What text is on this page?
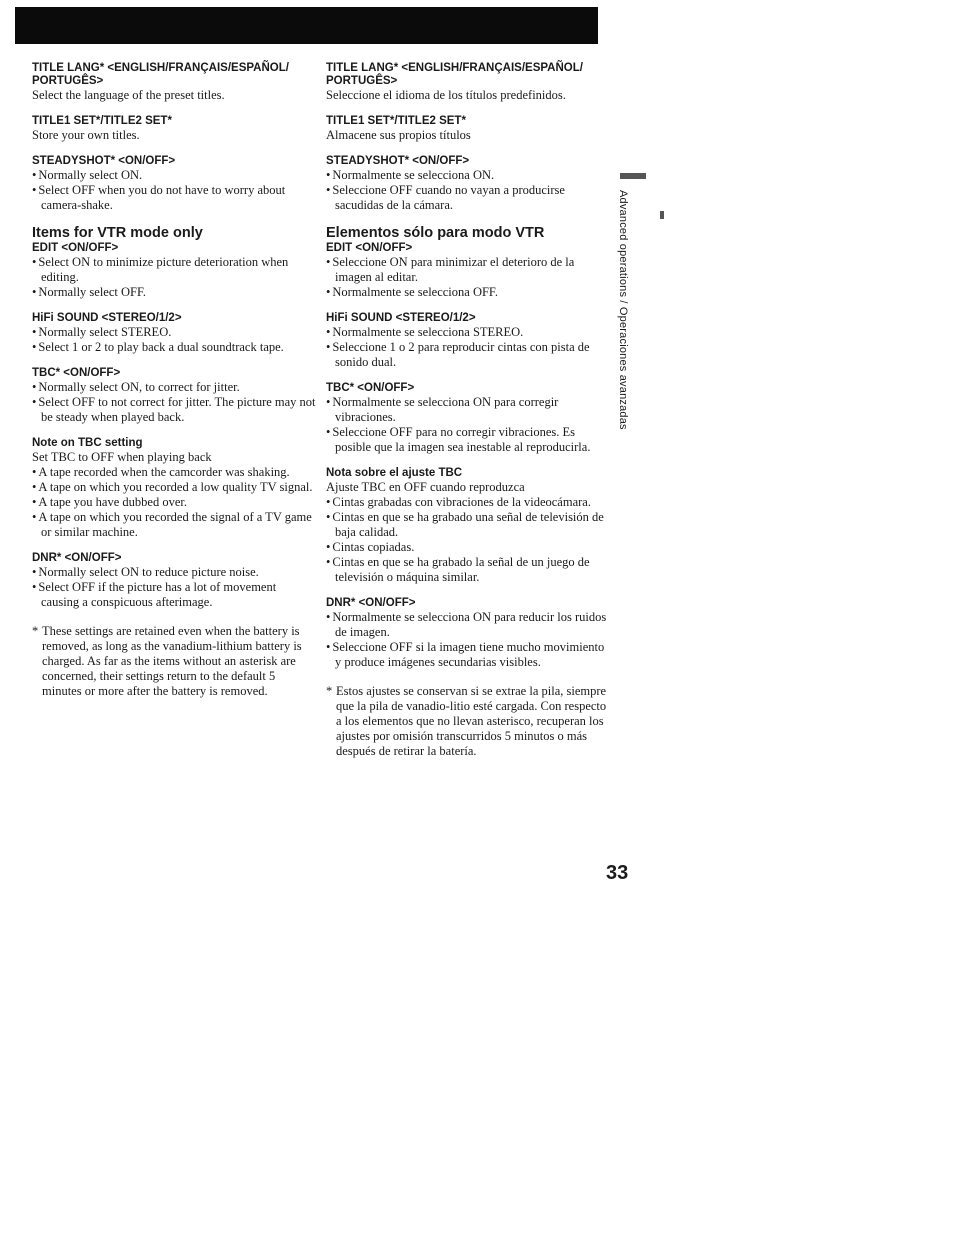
TITLE LANG* <ENGLISH/FRANÇAIS/ESPAÑOL/ PORTUGÊS>

Select the language of the preset titles.

TITLE1 SET*/TITLE2 SET*

Store your own titles.

STEADYSHOT* <ON/OFF>
• Normally select ON.
• Select OFF when you do not have to worry about camera-shake.
Items for VTR mode only
EDIT <ON/OFF>
• Select ON to minimize picture deterioration when editing.
• Normally select OFF.
HiFi SOUND <STEREO/1/2>
• Normally select STEREO.
• Select 1 or 2 to play back a dual soundtrack tape.
TBC* <ON/OFF>
• Normally select ON, to correct for jitter.
• Select OFF to not correct for jitter. The picture may not be steady when played back.
Note on TBC setting

Set TBC to OFF when playing back

• A tape recorded when the camcorder was shaking.
• A tape on which you recorded a low quality TV signal.
• A tape you have dubbed over.
• A tape on which you recorded the signal of a TV game or similar machine.
DNR* <ON/OFF>
• Normally select ON to reduce picture noise.
• Select OFF if the picture has a lot of movement causing a conspicuous afterimage.
* These settings are retained even when the battery is removed, as long as the vanadium-lithium battery is charged. As far as the items without an asterisk are concerned, their settings return to the default 5 minutes or more after the battery is removed.
TITLE LANG* <ENGLISH/FRANÇAIS/ESPAÑOL/ PORTUGÊS>

Seleccione el idioma de los títulos predefinidos.

TITLE1 SET*/TITLE2 SET*

Almacene sus propios títulos

STEADYSHOT* <ON/OFF>
• Normalmente se selecciona ON.
• Seleccione OFF cuando no vayan a producirse sacudidas de la cámara.
Elementos sólo para modo VTR
EDIT <ON/OFF>
• Seleccione ON para minimizar el deterioro de la imagen al editar.
• Normalmente se selecciona OFF.
HiFi SOUND <STEREO/1/2>
• Normalmente se selecciona STEREO.
• Seleccione 1 o 2 para reproducir cintas con pista de sonido dual.
TBC* <ON/OFF>
• Normalmente se selecciona ON para corregir vibraciones.
• Seleccione OFF para no corregir vibraciones. Es posible que la imagen sea inestable al reproducirla.
Nota sobre el ajuste TBC

Ajuste TBC en OFF cuando reproduzca

• Cintas grabadas con vibraciones de la videocámara.
• Cintas en que se ha grabado una señal de televisión de baja calidad.
• Cintas copiadas.
• Cintas en que se ha grabado la señal de un juego de televisión o máquina similar.
DNR* <ON/OFF>
• Normalmente se selecciona ON para reducir los ruidos de imagen.
• Seleccione OFF si la imagen tiene mucho movimiento y produce imágenes secundarias visibles.
* Estos ajustes se conservan si se extrae la pila, siempre que la pila de vanadio-litio esté cargada. Con respecto a los elementos que no llevan asterisco, recuperan los ajustes por omisión transcurridos 5 minutos o más después de retirar la batería.
Advanced operations / Operaciones avanzadas
33
